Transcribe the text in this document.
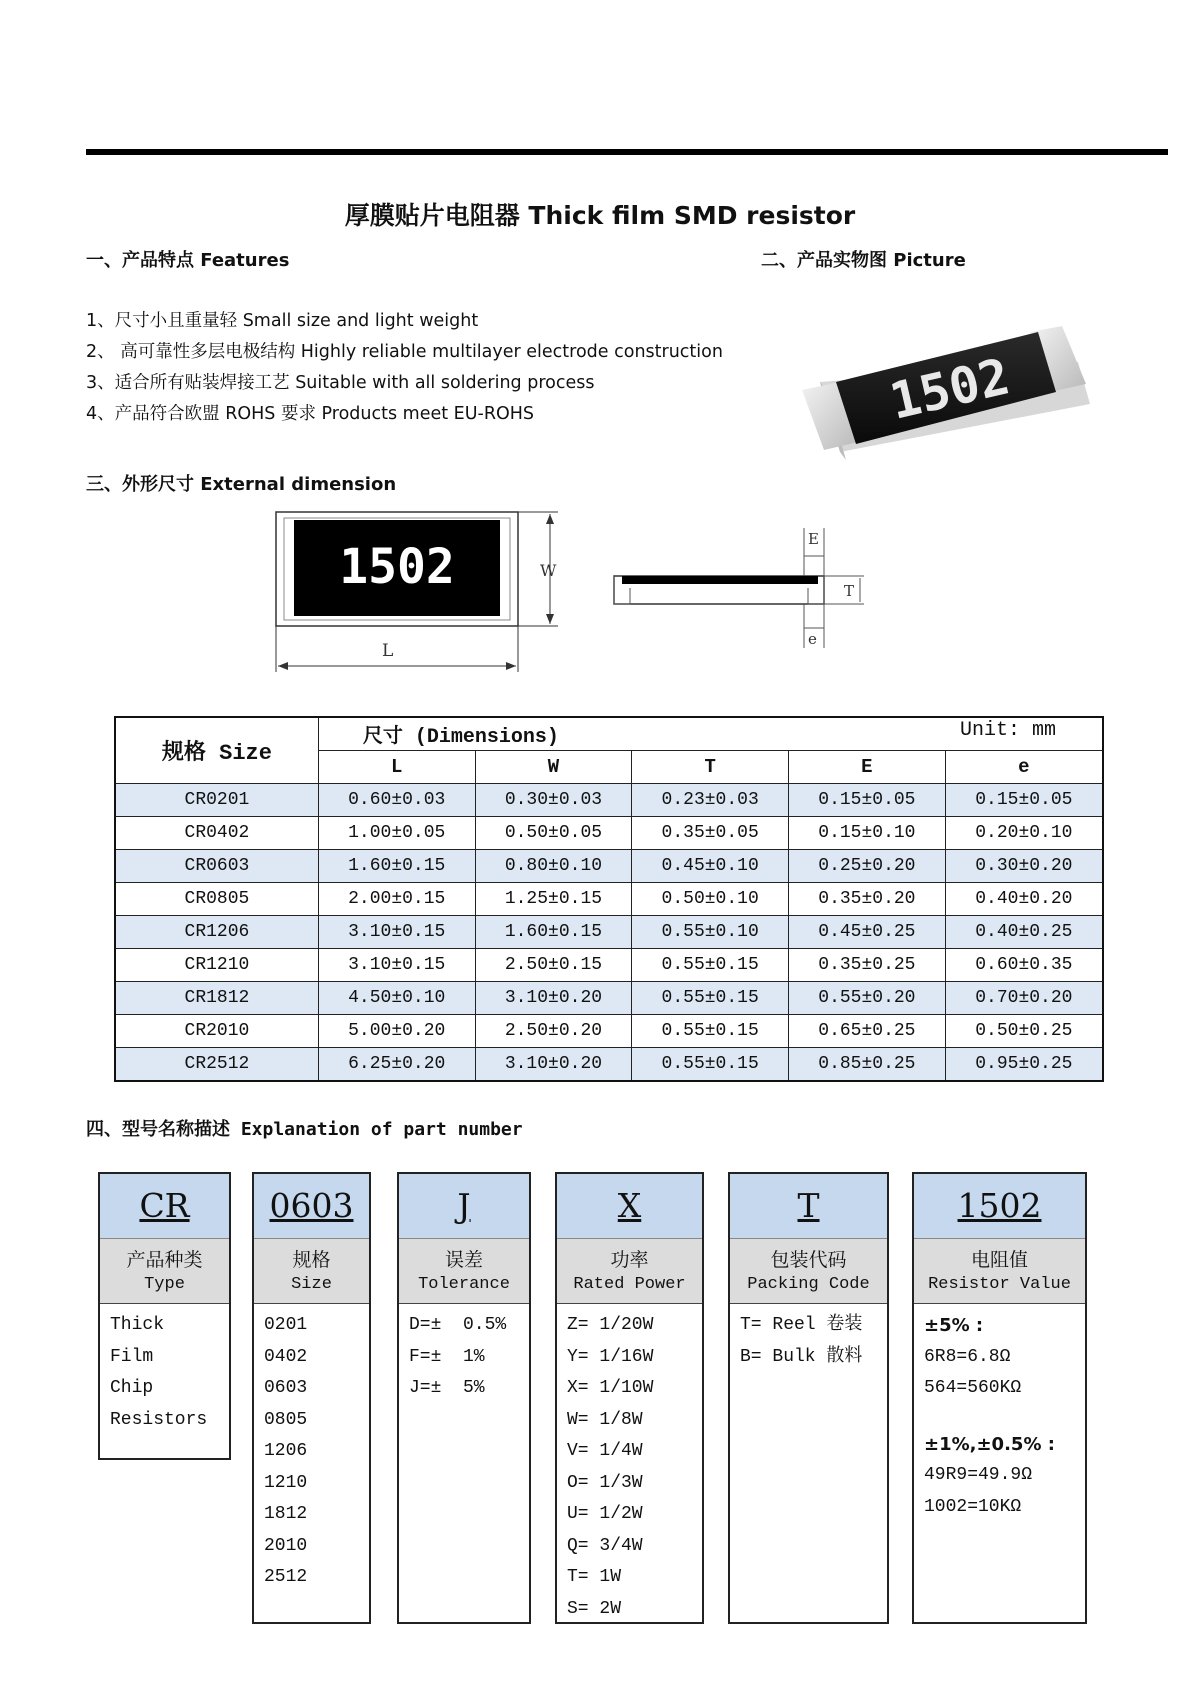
厚膜贴片电阻器 Thick film SMD resistor
一、产品特点 Features	二、产品实物图 Picture
1、尺寸小且重量轻 Small size and light weight
2、 高可靠性多层电极结构 Highly reliable multilayer electrode construction
3、适合所有贴装焊接工艺 Suitable with all soldering process
4、产品符合欧盟 ROHS 要求 Products meet EU-ROHS	1502
三、外形尺寸 External dimension
1502	W
L
E
e
T
规格 Size	尺寸 (Dimensions) Unit: mm				

	L	W	T	E	e
CR0201	0.60±0.03	0.30±0.03	0.23±0.03	0.15±0.05	0.15±0.05
CR0402	1.00±0.05	0.50±0.05	0.35±0.05	0.15±0.10	0.20±0.10
CR0603	1.60±0.15	0.80±0.10	0.45±0.10	0.25±0.20	0.30±0.20
CR0805	2.00±0.15	1.25±0.15	0.50±0.10	0.35±0.20	0.40±0.20
CR1206	3.10±0.15	1.60±0.15	0.55±0.10	0.45±0.25	0.40±0.25
CR1210	3.10±0.15	2.50±0.15	0.55±0.15	0.35±0.25	0.60±0.35
CR1812	4.50±0.10	3.10±0.20	0.55±0.15	0.55±0.20	0.70±0.20
CR2010	5.00±0.20	2.50±0.20	0.55±0.15	0.65±0.25	0.50±0.25
CR2512	6.25±0.20	3.10±0.20	0.55±0.15	0.85±0.25	0.95±0.25
四、型号名称描述 Explanation of part number
CR
产品种类
Type
Thick
Film
Chip
Resistors
0603
规格
Size
0201
0402
0603
0805
1206
1210
1812
2010
2512
J
误差
Tolerance
D=±  0.5%
F=±  1%
J=±  5%
X
功率
Rated Power
Z= 1/20W
Y= 1/16W
X= 1/10W
W= 1/8W
V= 1/4W
O= 1/3W
U= 1/2W
Q= 3/4W
T= 1W
S= 2W
T
包装代码
Packing Code
T= Reel 卷装
B= Bulk 散料
1502
电阻值
Resistor Value
±5% :
6R8=6.8Ω
564=560KΩ
±1%,±0.5% :
49R9=49.9Ω
1002=10KΩ
